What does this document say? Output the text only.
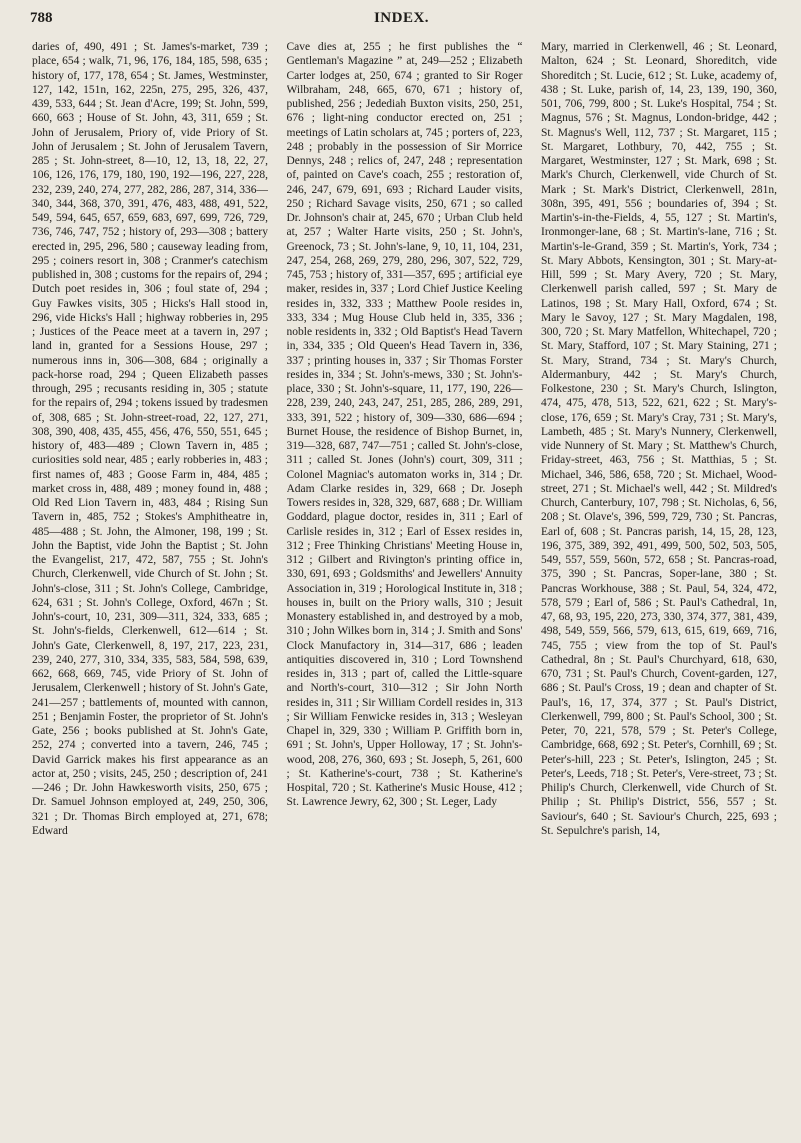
788	INDEX.

daries of, 490, 491 ; St. James's-market, 739 ; place, 654 ; walk, 71, 96, 176, 184, 185, 598, 635 ; history of, 177, 178, 654 ; St. James, Westminster, 127, 142, 151n, 162, 225n, 275, 295, 326, 437, 439, 533, 644 ; St. Jean d'Acre, 199; St. John, 599, 660, 663 ; House of St. John, 43, 311, 659 ; St. John of Jerusalem, Priory of, vide Priory of St. John of Jerusalem ; St. John of Jerusalem Tavern, 285 ; St. John-street, 8—10, 12, 13, 18, 22, 27, 106, 126, 176, 179, 180, 190, 192—196, 227, 228, 232, 239, 240, 274, 277, 282, 286, 287, 314, 336—340, 344, 368, 370, 391, 476, 483, 488, 491, 522, 549, 594, 645, 657, 659, 683, 697, 699, 726, 729, 736, 746, 747, 752 ; history of, 293—308 ; battery erected in, 295, 296, 580 ; causeway leading from, 295 ; coiners resort in, 308 ; Cranmer's catechism published in, 308 ; customs for the repairs of, 294 ; Dutch poet resides in, 306 ; foul state of, 294 ; Guy Fawkes visits, 305 ; Hicks's Hall stood in, 296, vide Hicks's Hall ; highway robberies in, 295 ; Justices of the Peace meet at a tavern in, 297 ; land in, granted for a Sessions House, 297 ; numerous inns in, 306—308, 684 ; originally a pack-horse road, 294 ; Queen Elizabeth passes through, 295 ; recusants residing in, 305 ; statute for the repairs of, 294 ; tokens issued by tradesmen of, 308, 685 ; St. John-street-road, 22, 127, 271, 308, 390, 408, 435, 455, 456, 476, 550, 551, 645 ; history of, 483—489 ; Clown Tavern in, 485 ; curiosities sold near, 485 ; early robberies in, 483 ; first names of, 483 ; Goose Farm in, 484, 485 ; market cross in, 488, 489 ; money found in, 488 ; Old Red Lion Tavern in, 483, 484 ; Rising Sun Tavern in, 485, 752 ; Stokes's Amphitheatre in, 485—488 ; St. John, the Almoner, 198, 199 ; St. John the Baptist, vide John the Baptist ; St. John the Evangelist, 217, 472, 587, 755 ; St. John's Church, Clerkenwell, vide Church of St. John ; St. John's-close, 311 ; St. John's College, Cambridge, 624, 631 ; St. John's College, Oxford, 467n ; St. John's-court, 10, 231, 309—311, 324, 333, 685 ; St. John's-fields, Clerkenwell, 612—614 ; St. John's Gate, Clerkenwell, 8, 197, 217, 223, 231, 239, 240, 277, 310, 334, 335, 583, 584, 598, 639, 662, 668, 669, 745, vide Priory of St. John of Jerusalem, Clerkenwell ; history of St. John's Gate, 241—257 ; battlements of, mounted with cannon, 251 ; Benjamin Foster, the proprietor of St. John's Gate, 256 ; books published at St. John's Gate, 252, 274 ; converted into a tavern, 246, 745 ; David Garrick makes his first appearance as an actor at, 250 ; visits, 245, 250 ; description of, 241—246 ; Dr. John Hawkesworth visits, 250, 675 ; Dr. Samuel Johnson employed at, 249, 250, 306, 321 ; Dr. Thomas Birch employed at, 271, 678; Edward

Cave dies at, 255 ; he first publishes the “ Gentleman's Magazine ” at, 249—252 ; Elizabeth Carter lodges at, 250, 674 ; granted to Sir Roger Wilbraham, 248, 665, 670, 671 ; history of, published, 256 ; Jedediah Buxton visits, 250, 251, 676 ; light-ning conductor erected on, 251 ; meetings of Latin scholars at, 745 ; porters of, 223, 248 ; probably in the possession of Sir Morrice Dennys, 248 ; relics of, 247, 248 ; representation of, painted on Cave's coach, 255 ; restoration of, 246, 247, 679, 691, 693 ; Richard Lauder visits, 250 ; Richard Savage visits, 250, 671 ; so called Dr. Johnson's chair at, 245, 670 ; Urban Club held at, 257 ; Walter Harte visits, 250 ; St. John's, Greenock, 73 ; St. John's-lane, 9, 10, 11, 104, 231, 247, 254, 268, 269, 279, 280, 296, 307, 522, 729, 745, 753 ; history of, 331—357, 695 ; artificial eye maker, resides in, 337 ; Lord Chief Justice Keeling resides in, 332, 333 ; Matthew Poole resides in, 333, 334 ; Mug House Club held in, 335, 336 ; noble residents in, 332 ; Old Baptist's Head Tavern in, 334, 335 ; Old Queen's Head Tavern in, 336, 337 ; printing houses in, 337 ; Sir Thomas Forster resides in, 334 ; St. John's-mews, 330 ; St. John's-place, 330 ; St. John's-square, 11, 177, 190, 226—228, 239, 240, 243, 247, 251, 285, 286, 289, 291, 333, 391, 522 ; history of, 309—330, 686—694 ; Burnet House, the residence of Bishop Burnet, in, 319—328, 687, 747—751 ; called St. John's-close, 311 ; called St. Jones (John's) court, 309, 311 ; Colonel Magniac's automaton works in, 314 ; Dr. Adam Clarke resides in, 329, 668 ; Dr. Joseph Towers resides in, 328, 329, 687, 688 ; Dr. William Goddard, plague doctor, resides in, 311 ; Earl of Carlisle resides in, 312 ; Earl of Essex resides in, 312 ; Free Thinking Christians' Meeting House in, 312 ; Gilbert and Rivington's printing office in, 330, 691, 693 ; Goldsmiths' and Jewellers' Annuity Association in, 319 ; Horological Institute in, 318 ; houses in, built on the Priory walls, 310 ; Jesuit Monastery established in, and destroyed by a mob, 310 ; John Wilkes born in, 314 ; J. Smith and Sons' Clock Manufactory in, 314—317, 686 ; leaden antiquities discovered in, 310 ; Lord Townshend resides in, 313 ; part of, called the Little-square and North's-court, 310—312 ; Sir John North resides in, 311 ; Sir William Cordell resides in, 313 ; Sir William Fenwicke resides in, 313 ; Wesleyan Chapel in, 329, 330 ; William P. Griffith born in, 691 ; St. John's, Upper Holloway, 17 ; St. John's-wood, 208, 276, 360, 693 ; St. Joseph, 5, 261, 600 ; St. Katherine's-court, 738 ; St. Katherine's Hospital, 720 ; St. Katherine's Music House, 412 ; St. Lawrence Jewry, 62, 300 ; St. Leger, Lady

Mary, married in Clerkenwell, 46 ; St. Leonard, Malton, 624 ; St. Leonard, Shoreditch, vide Shoreditch ; St. Lucie, 612 ; St. Luke, academy of, 438 ; St. Luke, parish of, 14, 23, 139, 190, 360, 501, 706, 799, 800 ; St. Luke's Hospital, 754 ; St. Magnus, 576 ; St. Magnus, London-bridge, 442 ; St. Magnus's Well, 112, 737 ; St. Margaret, 115 ; St. Margaret, Lothbury, 70, 442, 755 ; St. Margaret, Westminster, 127 ; St. Mark, 698 ; St. Mark's Church, Clerkenwell, vide Church of St. Mark ; St. Mark's District, Clerkenwell, 281n, 308n, 395, 491, 556 ; boundaries of, 394 ; St. Martin's-in-the-Fields, 4, 55, 127 ; St. Martin's, Ironmonger-lane, 68 ; St. Martin's-lane, 716 ; St. Martin's-le-Grand, 359 ; St. Martin's, York, 734 ; St. Mary Abbots, Kensington, 301 ; St. Mary-at-Hill, 599 ; St. Mary Avery, 720 ; St. Mary, Clerkenwell parish called, 597 ; St. Mary de Latinos, 198 ; St. Mary Hall, Oxford, 674 ; St. Mary le Savoy, 127 ; St. Mary Magdalen, 198, 300, 720 ; St. Mary Matfellon, Whitechapel, 720 ; St. Mary, Stafford, 107 ; St. Mary Staining, 271 ; St. Mary, Strand, 734 ; St. Mary's Church, Aldermanbury, 442 ; St. Mary's Church, Folkestone, 230 ; St. Mary's Church, Islington, 474, 475, 478, 513, 522, 621, 622 ; St. Mary's-close, 176, 659 ; St. Mary's Cray, 731 ; St. Mary's, Lambeth, 485 ; St. Mary's Nunnery, Clerkenwell, vide Nunnery of St. Mary ; St. Matthew's Church, Friday-street, 463, 756 ; St. Matthias, 5 ; St. Michael, 346, 586, 658, 720 ; St. Michael, Wood-street, 271 ; St. Michael's well, 442 ; St. Mildred's Church, Canterbury, 107, 798 ; St. Nicholas, 6, 56, 208 ; St. Olave's, 396, 599, 729, 730 ; St. Pancras, Earl of, 608 ; St. Pancras parish, 14, 15, 28, 123, 196, 375, 389, 392, 491, 499, 500, 502, 503, 505, 549, 557, 559, 560n, 572, 658 ; St. Pancras-road, 375, 390 ; St. Pancras, Soper-lane, 380 ; St. Pancras Workhouse, 388 ; St. Paul, 54, 324, 472, 578, 579 ; Earl of, 586 ; St. Paul's Cathedral, 1n, 47, 68, 93, 195, 220, 273, 330, 374, 377, 381, 439, 498, 549, 559, 566, 579, 613, 615, 619, 669, 716, 745, 755 ; view from the top of St. Paul's Cathedral, 8n ; St. Paul's Churchyard, 618, 630, 670, 731 ; St. Paul's Church, Covent-garden, 127, 686 ; St. Paul's Cross, 19 ; dean and chapter of St. Paul's, 16, 17, 374, 377 ; St. Paul's District, Clerkenwell, 799, 800 ; St. Paul's School, 300 ; St. Peter, 70, 221, 578, 579 ; St. Peter's College, Cambridge, 668, 692 ; St. Peter's, Cornhill, 69 ; St. Peter's-hill, 223 ; St. Peter's, Islington, 245 ; St. Peter's, Leeds, 718 ; St. Peter's, Vere-street, 73 ; St. Philip's Church, Clerkenwell, vide Church of St. Philip ; St. Philip's District, 556, 557 ; St. Saviour's, 640 ; St. Saviour's Church, 225, 693 ; St. Sepulchre's parish, 14,
